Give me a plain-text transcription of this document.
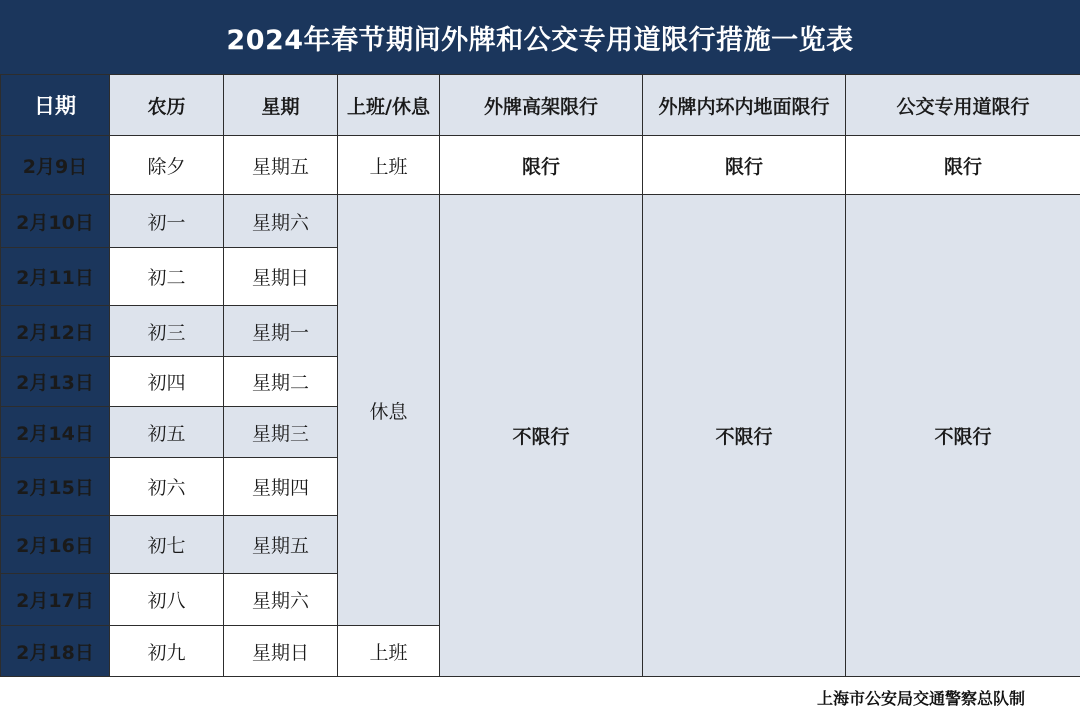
2024年春节期间外牌和公交专用道限行措施一览表
日期	农历	星期	上班/休息	外牌高架限行	外牌内环内地面限行	公交专用道限行
2月9日	除夕	星期五	上班	限行	限行	限行
2月10日	初一	星期六	休息	不限行	不限行	不限行
2月11日	初二	星期日				
2月12日	初三	星期一				
2月13日	初四	星期二				
2月14日	初五	星期三				
2月15日	初六	星期四				
2月16日	初七	星期五				
2月17日	初八	星期六				
2月18日	初九	星期日	上班			
上海市公安局交通警察总队制
